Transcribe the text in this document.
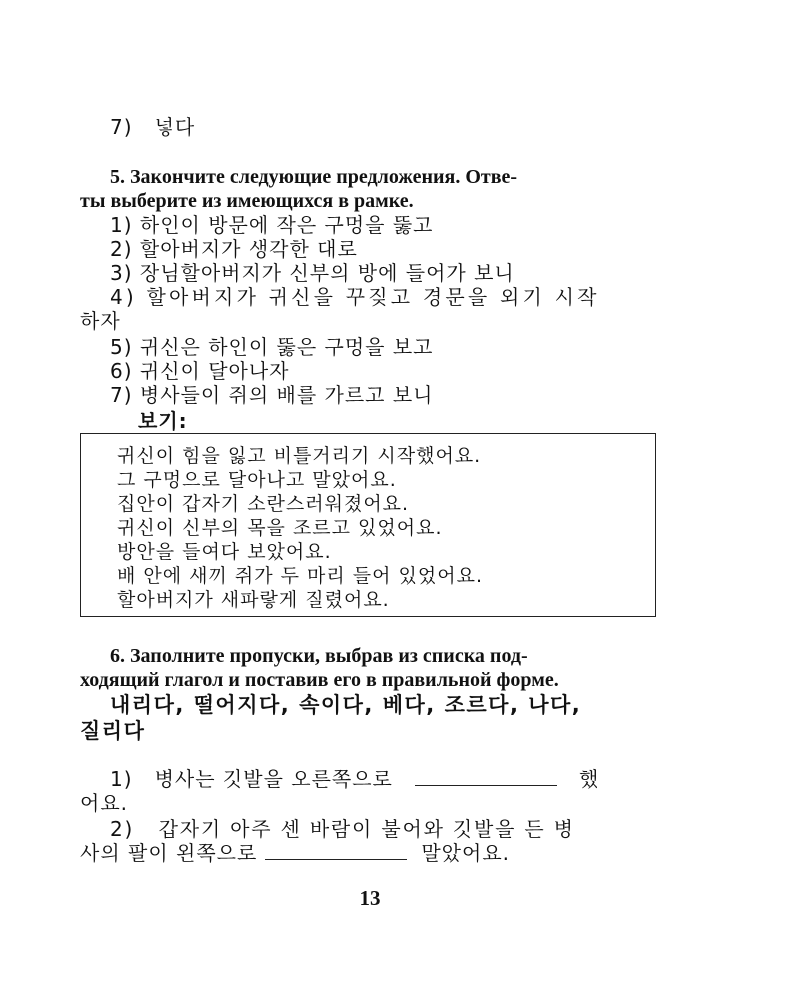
7) 넣다
5. Закончите следующие предложения. Отве-
ты выберите из имеющихся в рамке.
1) 하인이 방문에 작은 구멍을 뚫고
2) 할아버지가 생각한 대로
3) 장님할아버지가 신부의 방에 들어가 보니
4) 할아버지가 귀신을 꾸짖고 경문을 외기 시작
하자
5) 귀신은 하인이 뚫은 구멍을 보고
6) 귀신이 달아나자
7) 병사들이 쥐의 배를 가르고 보니
보기:
귀신이 힘을 잃고 비틀거리기 시작했어요.
그 구멍으로 달아나고 말았어요.
집안이 갑자기 소란스러워졌어요.
귀신이 신부의 목을 조르고 있었어요.
방안을 들여다 보았어요.
배 안에 새끼 쥐가 두 마리 들어 있었어요.
할아버지가 새파랗게 질렸어요.
6. Заполните пропуски, выбрав из списка под-
ходящий глагол и поставив его в правильной форме.
내리다, 떨어지다, 속이다, 베다, 조르다, 나다,
질리다
1) 병사는 깃발을 오른쪽으로	했
어요.
2) 갑자기 아주 센 바람이 불어와 깃발을 든 병
사의 팔이 왼쪽으로	말았어요.
13
